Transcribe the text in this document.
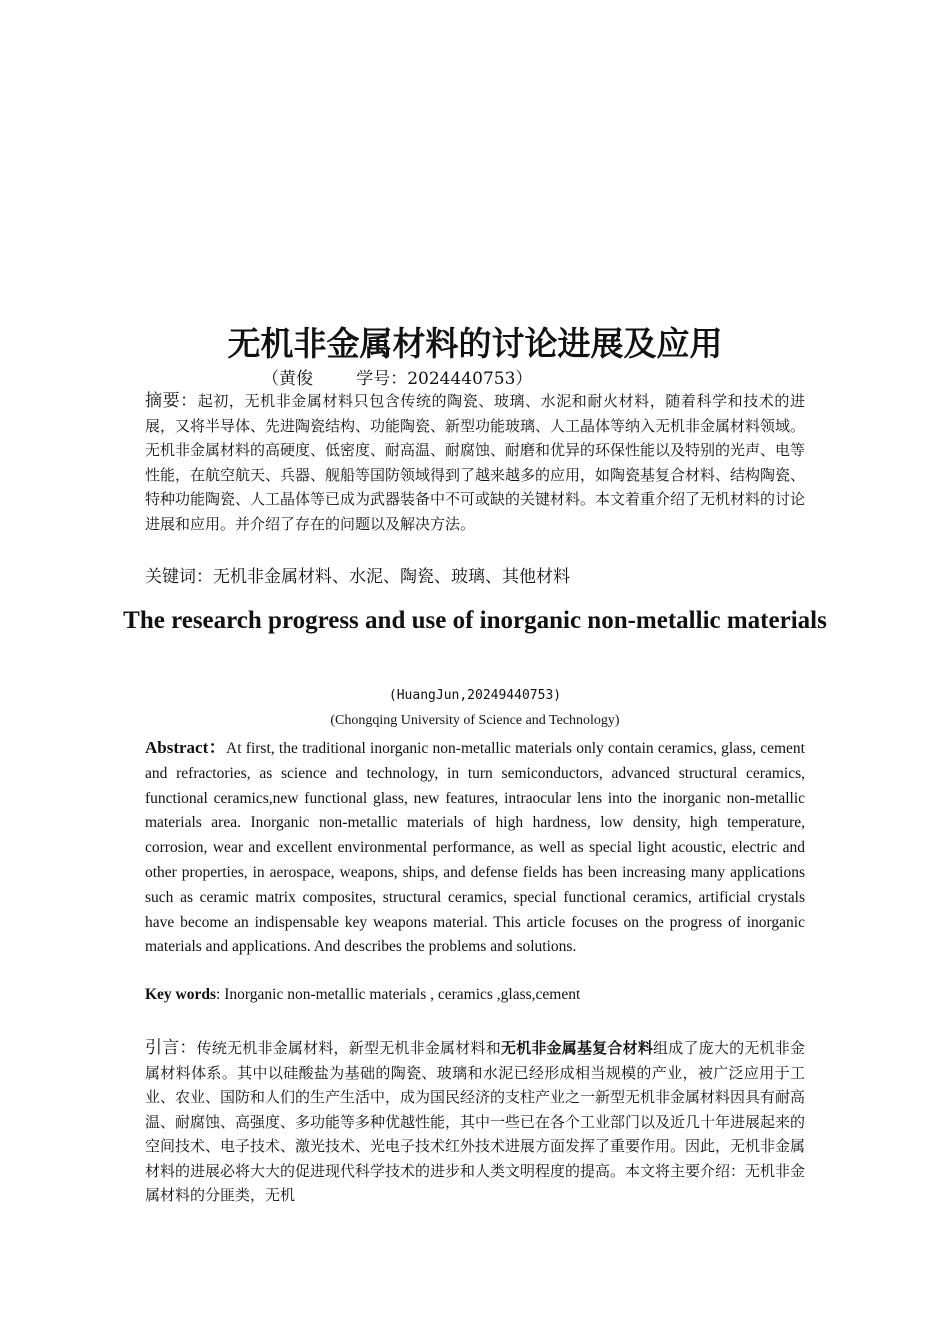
无机非金属材料的讨论进展及应用
（黄俊        学号：2024440753）

摘要：起初，无机非金属材料只包含传统的陶瓷、玻璃、水泥和耐火材料，随着科学和技术的进展，又将半导体、先进陶瓷结构、功能陶瓷、新型功能玻璃、人工晶体等纳入无机非金属材料领域。无机非金属材料的高硬度、低密度、耐高温、耐腐蚀、耐磨和优异的环保性能以及特别的光声、电等性能，在航空航天、兵器、舰船等国防领域得到了越来越多的应用，如陶瓷基复合材料、结构陶瓷、特种功能陶瓷、人工晶体等已成为武器装备中不可或缺的关键材料。本文着重介绍了无机材料的讨论进展和应用。并介绍了存在的问题以及解决方法。

关键词：无机非金属材料、水泥、陶瓷、玻璃、其他材料
The research progress and use of inorganic non-metallic materials
(HuangJun,20249440753)
(Chongqing University of Science and Technology)

Abstract：At first, the traditional inorganic non-metallic materials only contain ceramics, glass, cement and refractories, as science and technology, in turn semiconductors, advanced structural ceramics, functional ceramics,new functional glass, new features, intraocular lens into the inorganic non-metallic materials area. Inorganic non-metallic materials of high hardness, low density, high temperature, corrosion, wear and excellent environmental performance, as well as special light acoustic, electric and other properties, in aerospace, weapons, ships, and defense fields has been increasing many applications such as ceramic matrix composites, structural ceramics, special functional ceramics, artificial crystals have become an indispensable key weapons material. This article focuses on the progress of inorganic materials and applications. And describes the problems and solutions.

Key words: Inorganic non-metallic materials , ceramics ,glass,cement

引言：传统无机非金属材料，新型无机非金属材料和无机非金属基复合材料组成了庞大的无机非金属材料体系。其中以硅酸盐为基础的陶瓷、玻璃和水泥已经形成相当规模的产业，被广泛应用于工业、农业、国防和人们的生产生活中，成为国民经济的支柱产业之一新型无机非金属材料因具有耐高温、耐腐蚀、高强度、多功能等多种优越性能，其中一些已在各个工业部门以及近几十年进展起来的空间技术、电子技术、激光技术、光电子技术红外技术进展方面发挥了重要作用。因此，无机非金属材料的进展必将大大的促进现代科学技术的进步和人类文明程度的提高。本文将主要介绍：无机非金属材料的分匪类，无机
